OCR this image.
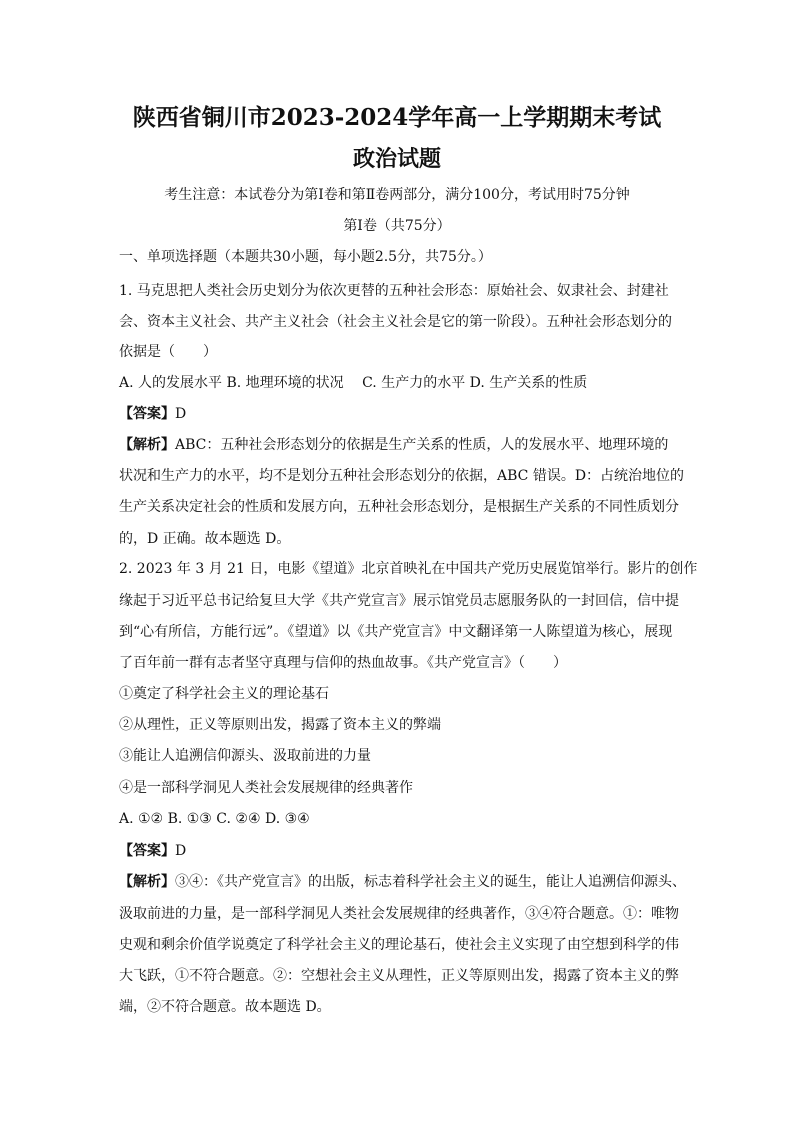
陕西省铜川市2023-2024学年高一上学期期末考试
政治试题
考生注意：本试卷分为第Ⅰ卷和第Ⅱ卷两部分，满分100分，考试用时75分钟
第Ⅰ卷（共75分）
一、单项选择题（本题共30小题，每小题2.5分，共75分。）
1. 马克思把人类社会历史划分为依次更替的五种社会形态：原始社会、奴隶社会、封建社
会、资本主义社会、共产主义社会（社会主义社会是它的第一阶段）。五种社会形态划分的
依据是（　　）
A. 人的发展水平 B. 地理环境的状况　 C. 生产力的水平 D. 生产关系的性质
【答案】D
【解析】ABC：五种社会形态划分的依据是生产关系的性质，人的发展水平、地理环境的
状况和生产力的水平，均不是划分五种社会形态划分的依据，ABC 错误。D：占统治地位的
生产关系决定社会的性质和发展方向，五种社会形态划分，是根据生产关系的不同性质划分
的，D 正确。故本题选 D。
2. 2023 年 3 月 21 日，电影《望道》北京首映礼在中国共产党历史展览馆举行。影片的创作
缘起于习近平总书记给复旦大学《共产党宣言》展示馆党员志愿服务队的一封回信，信中提
到“心有所信，方能行远”。《望道》以《共产党宣言》中文翻译第一人陈望道为核心，展现
了百年前一群有志者坚守真理与信仰的热血故事。《共产党宣言》（　　）
①奠定了科学社会主义的理论基石
②从理性，正义等原则出发，揭露了资本主义的弊端
③能让人追溯信仰源头、汲取前进的力量
④是一部科学洞见人类社会发展规律的经典著作
A. ①② B. ①③ C. ②④ D. ③④
【答案】D
【解析】③④：《共产党宣言》的出版，标志着科学社会主义的诞生，能让人追溯信仰源头、
汲取前进的力量，是一部科学洞见人类社会发展规律的经典著作，③④符合题意。①：唯物
史观和剩余价值学说奠定了科学社会主义的理论基石，使社会主义实现了由空想到科学的伟
大飞跃，①不符合题意。②：空想社会主义从理性，正义等原则出发，揭露了资本主义的弊
端，②不符合题意。故本题选 D。
